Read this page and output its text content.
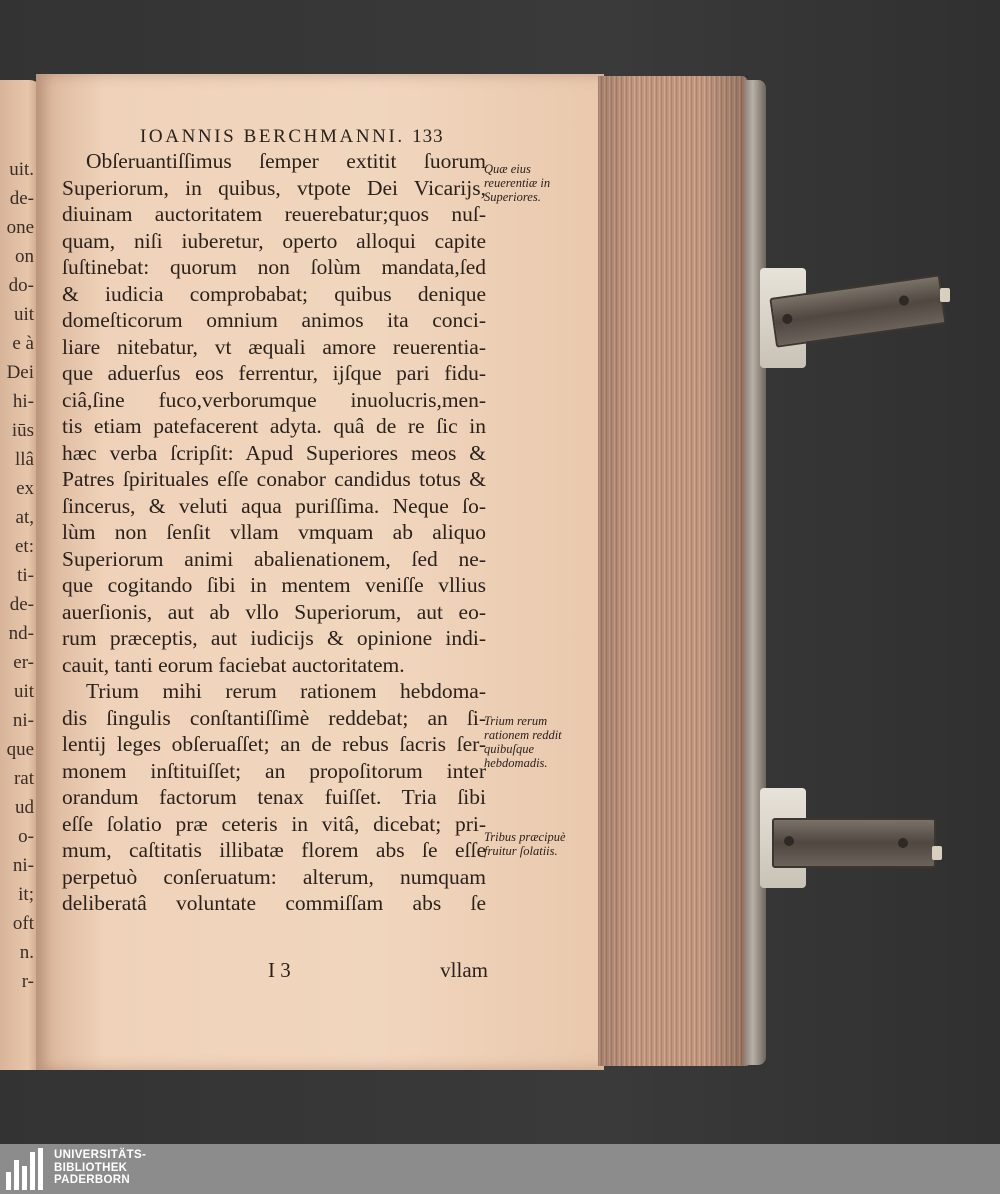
uit.
de-
one
on
do-
uit
e à
Dei
hi-
iūs
llâ
ex
at,
et:
ti-
de-
nd-
er-
uit
ni-
que
rat
ud
o-
ni-
it;
oft
n.
r-
IOANNIS BERCHMANNI. 133
Obſeruantiſſimus ſemper extitit ſuorum
Superiorum, in quibus, vtpote Dei Vicarijs,
diuinam auctoritatem reuerebatur;quos nuſ-
quam, niſi iuberetur, operto alloqui capite
ſuſtinebat: quorum non ſolùm mandata,ſed
& iudicia comprobabat; quibus denique
domeſticorum omnium animos ita conci-
liare nitebatur, vt æquali amore reuerentia-
que aduerſus eos ferrentur, ijſque pari fidu-
ciâ,ſine fuco,verborumque inuolucris,men-
tis etiam patefacerent adyta. quâ de re ſic in
hæc verba ſcripſit: Apud Superiores meos &
Patres ſpirituales eſſe conabor candidus totus &
ſincerus, & veluti aqua puriſſima. Neque ſo-
lùm non ſenſit vllam vmquam ab aliquo
Superiorum animi abalienationem, ſed ne-
que cogitando ſibi in mentem veniſſe vllius
auerſionis, aut ab vllo Superiorum, aut eo-
rum præceptis, aut iudicijs & opinione indi-
cauit, tanti eorum faciebat auctoritatem.
Trium mihi rerum rationem hebdoma-
dis ſingulis conſtantiſſimè reddebat; an ſi-
lentij leges obſeruaſſet; an de rebus ſacris ſer-
monem inſtituiſſet; an propoſitorum inter
orandum factorum tenax fuiſſet. Tria ſibi
eſſe ſolatio præ ceteris in vitâ, dicebat; pri-
mum, caſtitatis illibatæ florem abs ſe eſſe
perpetuò conſeruatum: alterum, numquam
deliberatâ voluntate commiſſam abs ſe
Quæ eius reuerentiæ in Superiores.
Trium rerum rationem reddit quibuſque hebdomadis.
Tribus præcipuè fruitur ſolatiis.
I 3	vllam
UNIVERSITÄTS-
BIBLIOTHEK
PADERBORN
